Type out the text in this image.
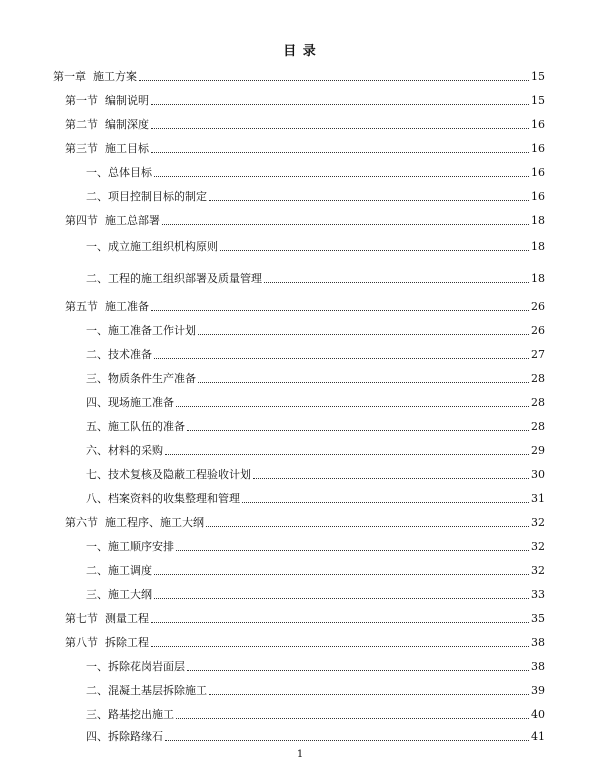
目 录
第一章  施工方案	15
第一节  编制说明	15
第二节  编制深度	16
第三节  施工目标	16
一、总体目标	16
二、项目控制目标的制定	16
第四节  施工总部署	18
一、成立施工组织机构原则	18
二、工程的施工组织部署及质量管理	18
第五节  施工准备	26
一、施工准备工作计划	26
二、技术准备	27
三、物质条件生产准备	28
四、现场施工准备	28
五、施工队伍的准备	28
六、材料的采购	29
七、技术复核及隐蔽工程验收计划	30
八、档案资料的收集整理和管理	31
第六节  施工程序、施工大纲	32
一、施工顺序安排	32
二、施工调度	32
三、施工大纲	33
第七节  测量工程	35
第八节  拆除工程	38
一、拆除花岗岩面层	38
二、混凝土基层拆除施工	39
三、路基挖出施工	40
四、拆除路缘石	41
1
